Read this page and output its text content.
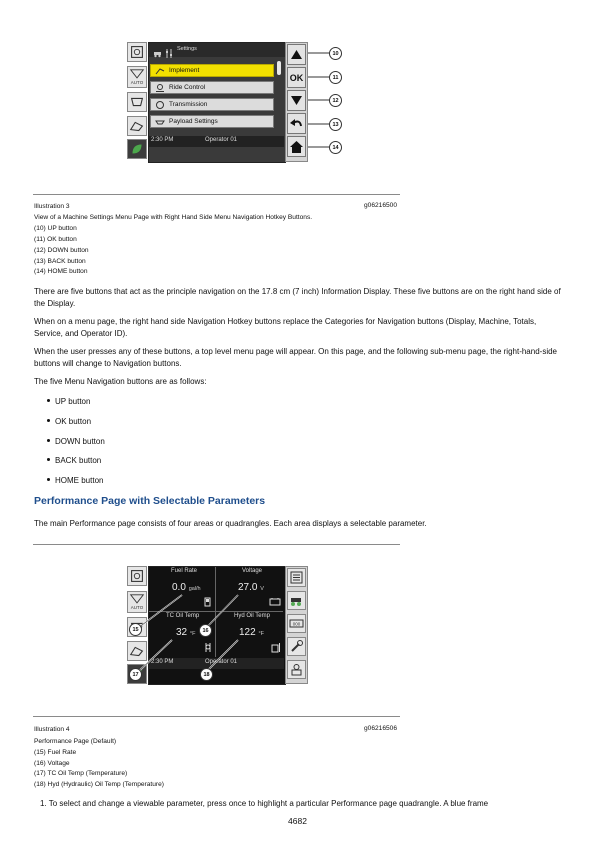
AUTO
Settings
Implement
Ride Control
Transmission
Payload Settings
2:30 PM	Operator 01
OK
10
11
12
13
14
Illustration 3	g06216500
View of a Machine Settings Menu Page with Right Hand Side Menu Navigation Hotkey Buttons.
(10) UP button
(11) OK button
(12) DOWN button
(13) BACK button
(14) HOME button
There are five buttons that act as the principle navigation on the 17.8 cm (7 inch) Information Display. These five buttons are on the right hand side of the Display.
When on a menu page, the right hand side Navigation Hotkey buttons replace the Categories for Navigation buttons (Display, Machine, Totals, Service, and Operator ID).
When the user presses any of these buttons, a top level menu page will appear. On this page, and the following sub-menu page, the right-hand-side buttons will change to Navigation buttons.
The five Menu Navigation buttons are as follows:
UP button
OK button
DOWN button
BACK button
HOME button
Performance Page with Selectable Parameters
The main Performance page consists of four areas or quadrangles. Each area displays a selectable parameter.
AUTO
Fuel Rate
0.0 gal/h
Voltage
27.0 V
TC Oil Temp
32 °F
Hyd Oil Temp
122 °F
2:30 PM	Operator 01
000
15	16
17	18
Illustration 4	g06216506
Performance Page (Default)
(15) Fuel Rate
(16) Voltage
(17) TC Oil Temp (Temperature)
(18) Hyd (Hydraulic) Oil Temp (Temperature)
1. To select and change a viewable parameter, press once to highlight a particular Performance page quadrangle. A blue frame
4682
